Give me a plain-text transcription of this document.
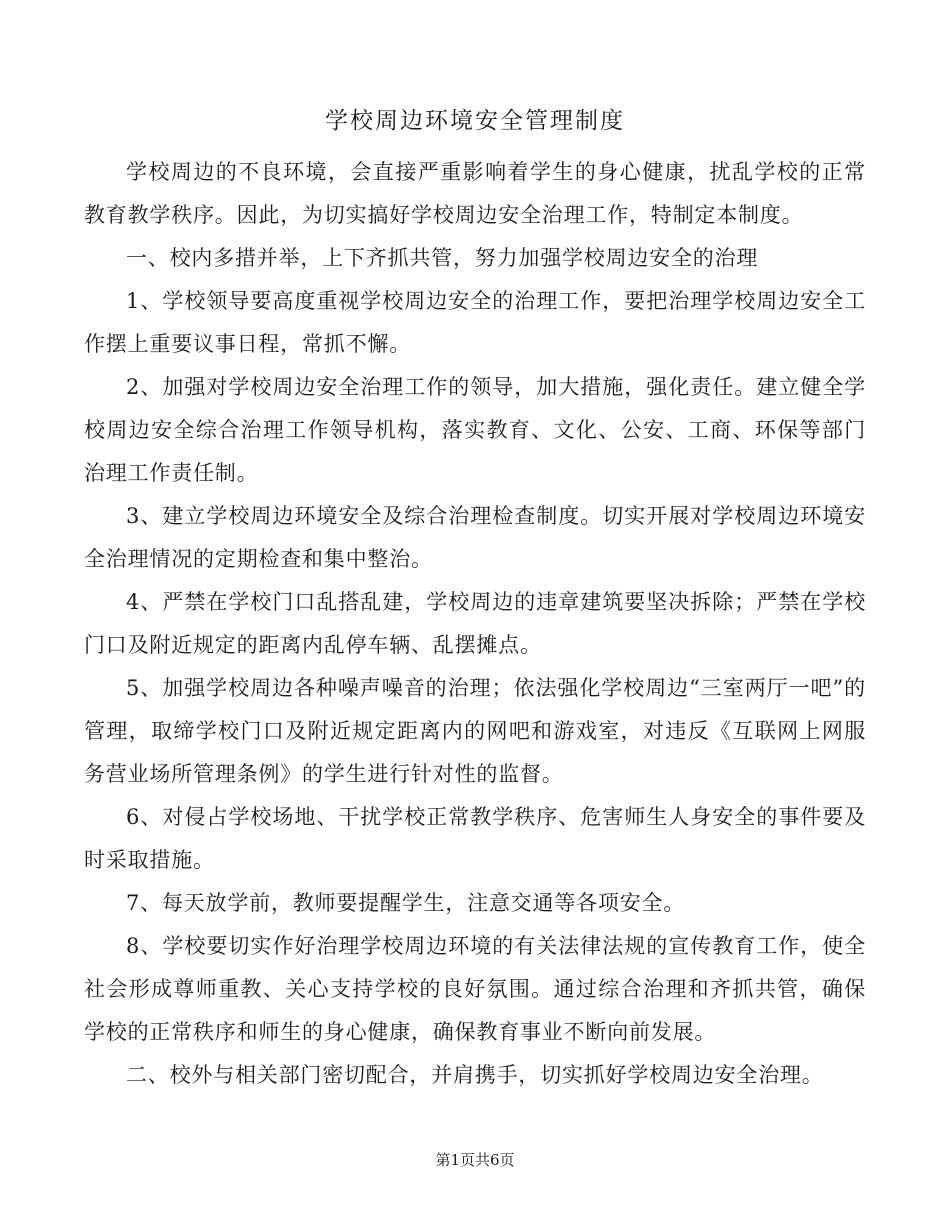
学校周边环境安全管理制度

学校周边的不良环境，会直接严重影响着学生的身心健康，扰乱学校的正常教育教学秩序。因此，为切实搞好学校周边安全治理工作，特制定本制度。

一、校内多措并举，上下齐抓共管，努力加强学校周边安全的治理

1、学校领导要高度重视学校周边安全的治理工作，要把治理学校周边安全工作摆上重要议事日程，常抓不懈。

2、加强对学校周边安全治理工作的领导，加大措施，强化责任。建立健全学校周边安全综合治理工作领导机构，落实教育、文化、公安、工商、环保等部门治理工作责任制。

3、建立学校周边环境安全及综合治理检查制度。切实开展对学校周边环境安全治理情况的定期检查和集中整治。

4、严禁在学校门口乱搭乱建，学校周边的违章建筑要坚决拆除；严禁在学校门口及附近规定的距离内乱停车辆、乱摆摊点。

5、加强学校周边各种噪声噪音的治理；依法强化学校周边“三室两厅一吧”的管理，取缔学校门口及附近规定距离内的网吧和游戏室，对违反《互联网上网服务营业场所管理条例》的学生进行针对性的监督。

6、对侵占学校场地、干扰学校正常教学秩序、危害师生人身安全的事件要及时采取措施。

7、每天放学前，教师要提醒学生，注意交通等各项安全。

8、学校要切实作好治理学校周边环境的有关法律法规的宣传教育工作，使全社会形成尊师重教、关心支持学校的良好氛围。通过综合治理和齐抓共管，确保学校的正常秩序和师生的身心健康，确保教育事业不断向前发展。

二、校外与相关部门密切配合，并肩携手，切实抓好学校周边安全治理。

第1页共6页
